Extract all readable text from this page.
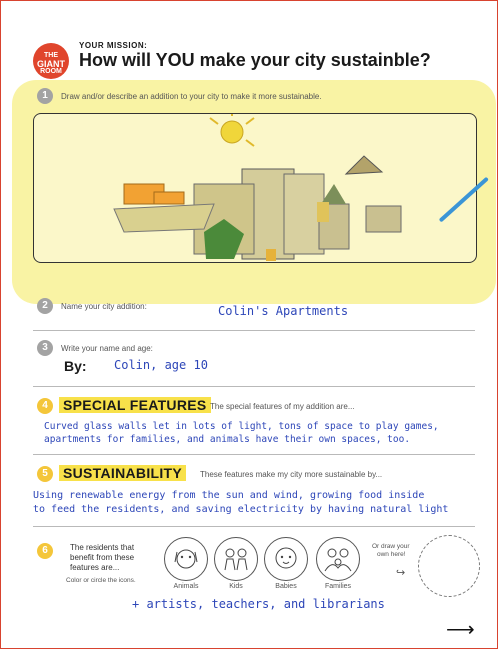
THE
GIANT
ROOM
YOUR MISSION:
How will YOU make your city sustainble?
1	Draw and/or describe an addition to your city to make it more sustainable.
2	Name your city addition:	Colin's Apartments
3	Write your name and age:
By: Colin, age 10
4	SPECIAL FEATURES The special features of my addition are...
Curved glass walls let in lots of light, tons of space to play games,
apartments for families, and animals have their own spaces, too.
5	SUSTAINABILITY	These features make my city more sustainable by...
Using renewable energy from the sun and wind, growing food inside
to feed the residents, and saving electricity by having natural light
6	The residents that
benefit from these
features are...
Color or circle the icons.
Animals	Kids	Babies	Families
Or draw your
own here!
↪
+ artists, teachers, and librarians
⟶
